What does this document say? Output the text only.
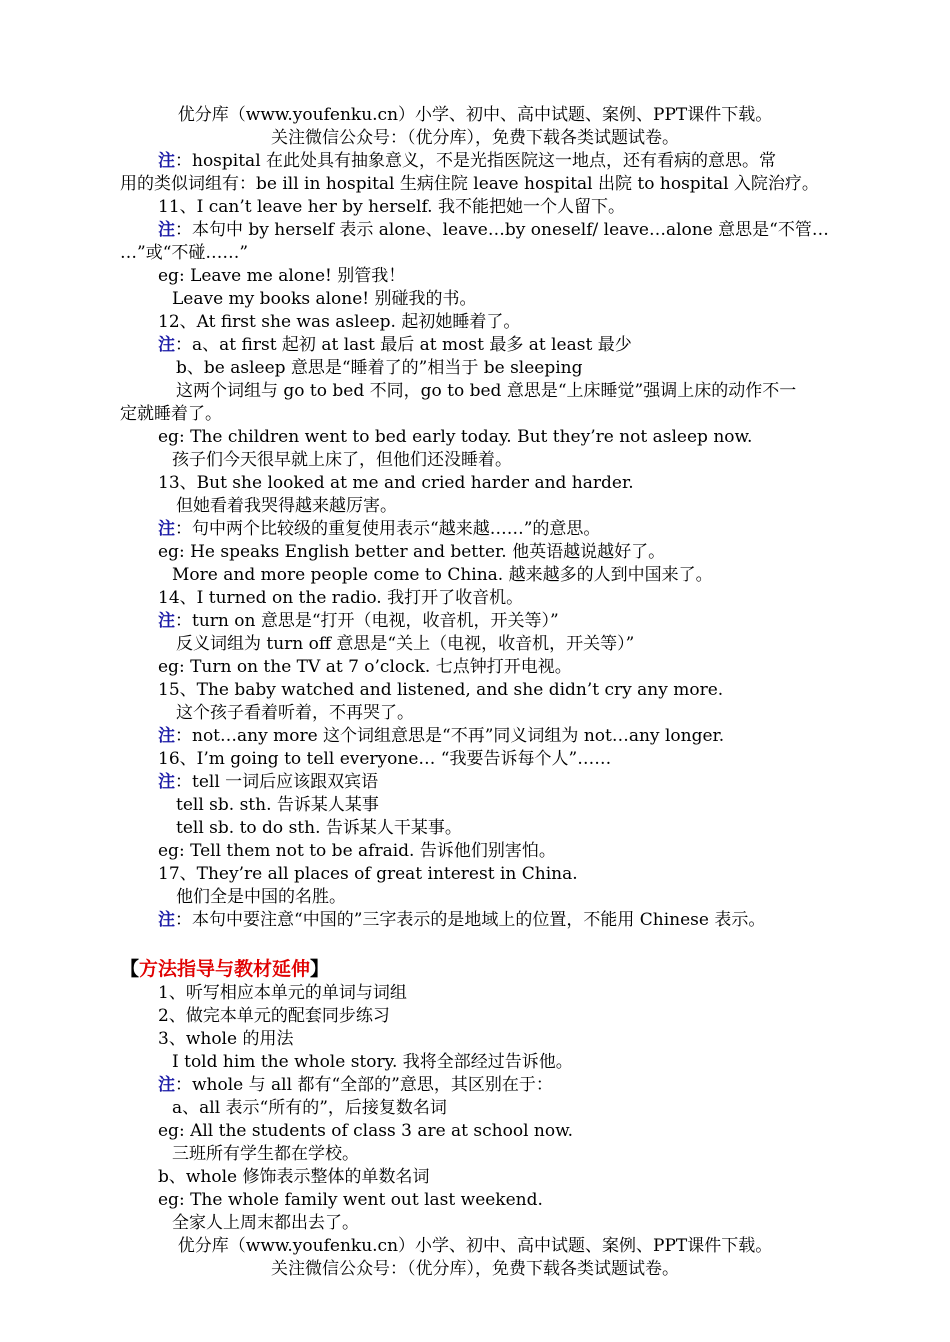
优分库（www.youfenku.cn）小学、初中、高中试题、案例、PPT课件下载。
关注微信公众号：（优分库），免费下载各类试题试卷。
注：hospital 在此处具有抽象意义，不是光指医院这一地点，还有看病的意思。常
用的类似词组有：be ill in hospital 生病住院 leave hospital 出院 to hospital 入院治疗。
11、I can’t leave her by herself. 我不能把她一个人留下。
注：本句中 by herself 表示 alone、leave…by oneself/ leave…alone 意思是“不管…
…”或“不碰……”
eg: Leave me alone! 别管我！
Leave my books alone! 别碰我的书。
12、At first she was asleep. 起初她睡着了。
注：a、at first 起初 at last 最后 at most 最多 at least 最少
b、be asleep 意思是“睡着了的”相当于 be sleeping
这两个词组与 go to bed 不同，go to bed 意思是“上床睡觉”强调上床的动作不一
定就睡着了。
eg: The children went to bed early today. But they’re not asleep now.
孩子们今天很早就上床了，但他们还没睡着。
13、But she looked at me and cried harder and harder.
但她看着我哭得越来越厉害。
注：句中两个比较级的重复使用表示“越来越……”的意思。
eg: He speaks English better and better. 他英语越说越好了。
More and more people come to China. 越来越多的人到中国来了。
14、I turned on the radio. 我打开了收音机。
注：turn on 意思是“打开（电视，收音机，开关等）”
反义词组为 turn off 意思是“关上（电视，收音机，开关等）”
eg: Turn on the TV at 7 o’clock. 七点钟打开电视。
15、The baby watched and listened, and she didn’t cry any more.
这个孩子看着听着，不再哭了。
注：not…any more 这个词组意思是“不再”同义词组为 not…any longer.
16、I’m going to tell everyone… “我要告诉每个人”……
注：tell 一词后应该跟双宾语
tell sb. sth. 告诉某人某事
tell sb. to do sth. 告诉某人干某事。
eg: Tell them not to be afraid. 告诉他们别害怕。
17、They’re all places of great interest in China.
他们全是中国的名胜。
注：本句中要注意“中国的”三字表示的是地域上的位置，不能用 Chinese 表示。
【方法指导与教材延伸】
1、听写相应本单元的单词与词组
2、做完本单元的配套同步练习
3、whole 的用法
I told him the whole story. 我将全部经过告诉他。
注：whole 与 all 都有“全部的”意思，其区别在于：
a、all 表示“所有的”，后接复数名词
eg: All the students of class 3 are at school now.
三班所有学生都在学校。
b、whole 修饰表示整体的单数名词
eg: The whole family went out last weekend.
全家人上周末都出去了。
优分库（www.youfenku.cn）小学、初中、高中试题、案例、PPT课件下载。
关注微信公众号：（优分库），免费下载各类试题试卷。
